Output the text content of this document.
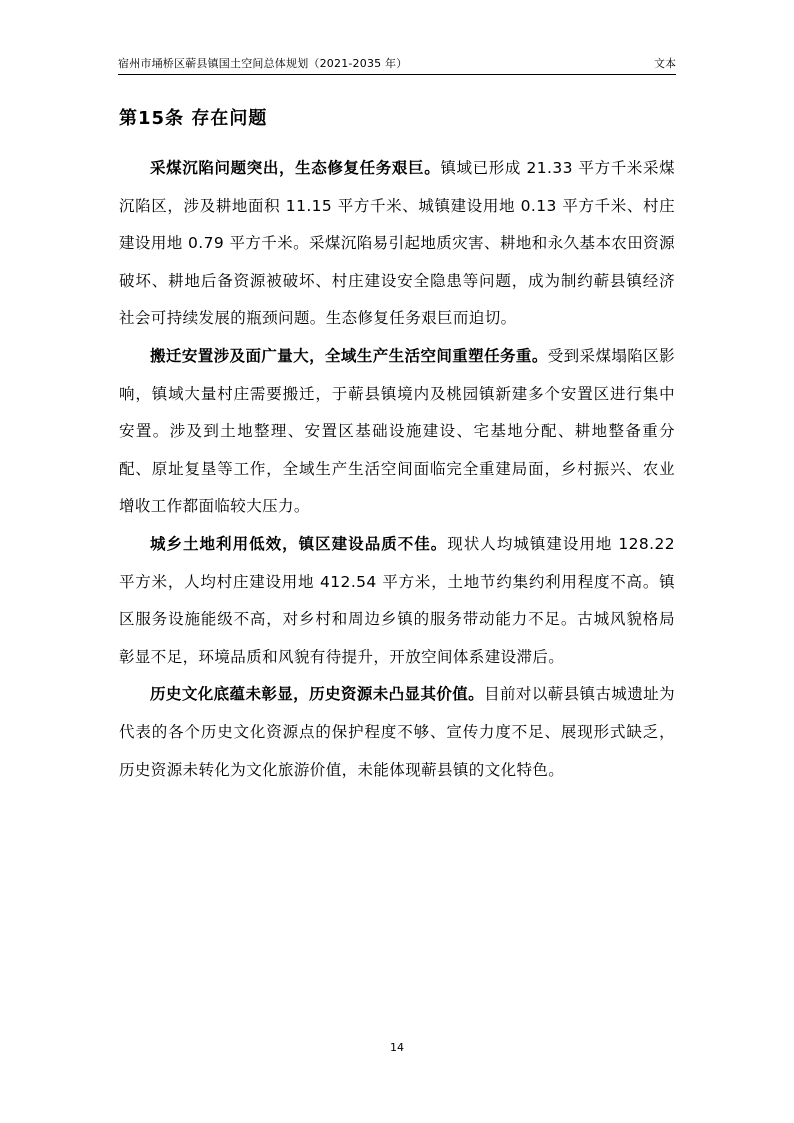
宿州市埇桥区蕲县镇国土空间总体规划（2021-2035 年）	文本
第15条 存在问题

采煤沉陷问题突出，生态修复任务艰巨。镇域已形成 21.33 平方千米采煤沉陷区，涉及耕地面积 11.15 平方千米、城镇建设用地 0.13 平方千米、村庄建设用地 0.79 平方千米。采煤沉陷易引起地质灾害、耕地和永久基本农田资源破坏、耕地后备资源被破坏、村庄建设安全隐患等问题，成为制约蕲县镇经济社会可持续发展的瓶颈问题。生态修复任务艰巨而迫切。

搬迁安置涉及面广量大，全域生产生活空间重塑任务重。受到采煤塌陷区影响，镇域大量村庄需要搬迁，于蕲县镇境内及桃园镇新建多个安置区进行集中安置。涉及到土地整理、安置区基础设施建设、宅基地分配、耕地整备重分配、原址复垦等工作，全域生产生活空间面临完全重建局面，乡村振兴、农业增收工作都面临较大压力。

城乡土地利用低效，镇区建设品质不佳。现状人均城镇建设用地 128.22 平方米，人均村庄建设用地 412.54 平方米，土地节约集约利用程度不高。镇区服务设施能级不高，对乡村和周边乡镇的服务带动能力不足。古城风貌格局彰显不足，环境品质和风貌有待提升，开放空间体系建设滞后。

历史文化底蕴未彰显，历史资源未凸显其价值。目前对以蕲县镇古城遗址为代表的各个历史文化资源点的保护程度不够、宣传力度不足、展现形式缺乏，历史资源未转化为文化旅游价值，未能体现蕲县镇的文化特色。

14
